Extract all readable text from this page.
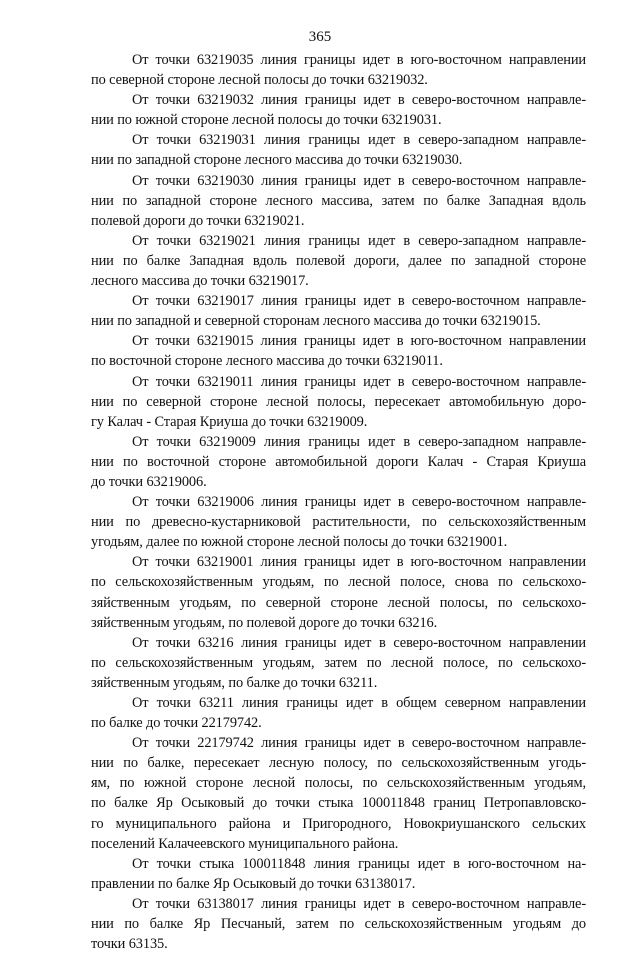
365

От точки 63219035 линия границы идет в юго-восточном направлении
по северной стороне лесной полосы до точки 63219032.

От точки 63219032 линия границы идет в северо-восточном направле-
нии по южной стороне лесной полосы до точки 63219031.

От точки 63219031 линия границы идет в северо-западном направле-
нии по западной стороне лесного массива до точки 63219030.

От точки 63219030 линия границы идет в северо-восточном направле-
нии по западной стороне лесного массива, затем по балке Западная вдоль
полевой дороги до точки 63219021.

От точки 63219021 линия границы идет в северо-западном направле-
нии по балке Западная вдоль полевой дороги, далее по западной стороне
лесного массива до точки 63219017.

От точки 63219017 линия границы идет в северо-восточном направле-
нии по западной и северной сторонам лесного массива до точки 63219015.

От точки 63219015 линия границы идет в юго-восточном направлении
по восточной стороне лесного массива до точки 63219011.

От точки 63219011 линия границы идет в северо-восточном направле-
нии по северной стороне лесной полосы, пересекает автомобильную доро-
гу Калач - Старая Криуша до точки 63219009.

От точки 63219009 линия границы идет в северо-западном направле-
нии по восточной стороне автомобильной дороги Калач - Старая Криуша
до точки 63219006.

От точки 63219006 линия границы идет в северо-восточном направле-
нии по древесно-кустарниковой растительности, по сельскохозяйственным
угодьям, далее по южной стороне лесной полосы до точки 63219001.

От точки 63219001 линия границы идет в юго-восточном направлении
по сельскохозяйственным угодьям, по лесной полосе, снова по сельскохо-
зяйственным угодьям, по северной стороне лесной полосы, по сельскохо-
зяйственным угодьям, по полевой дороге до точки 63216.

От точки 63216 линия границы идет в северо-восточном направлении
по сельскохозяйственным угодьям, затем по лесной полосе, по сельскохо-
зяйственным угодьям, по балке до точки 63211.

От точки 63211 линия границы идет в общем северном направлении
по балке до точки 22179742.

От точки 22179742 линия границы идет в северо-восточном направле-
нии по балке, пересекает лесную полосу, по сельскохозяйственным угодь-
ям, по южной стороне лесной полосы, по сельскохозяйственным угодьям,
по балке Яр Осыковый до точки стыка 100011848 границ Петропавловско-
го муниципального района и Пригородного, Новокриушанского сельских
поселений Калачеевского муниципального района.

От точки стыка 100011848 линия границы идет в юго-восточном на-
правлении по балке Яр Осыковый до точки 63138017.

От точки 63138017 линия границы идет в северо-восточном направле-
нии по балке Яр Песчаный, затем по сельскохозяйственным угодьям до
точки 63135.
